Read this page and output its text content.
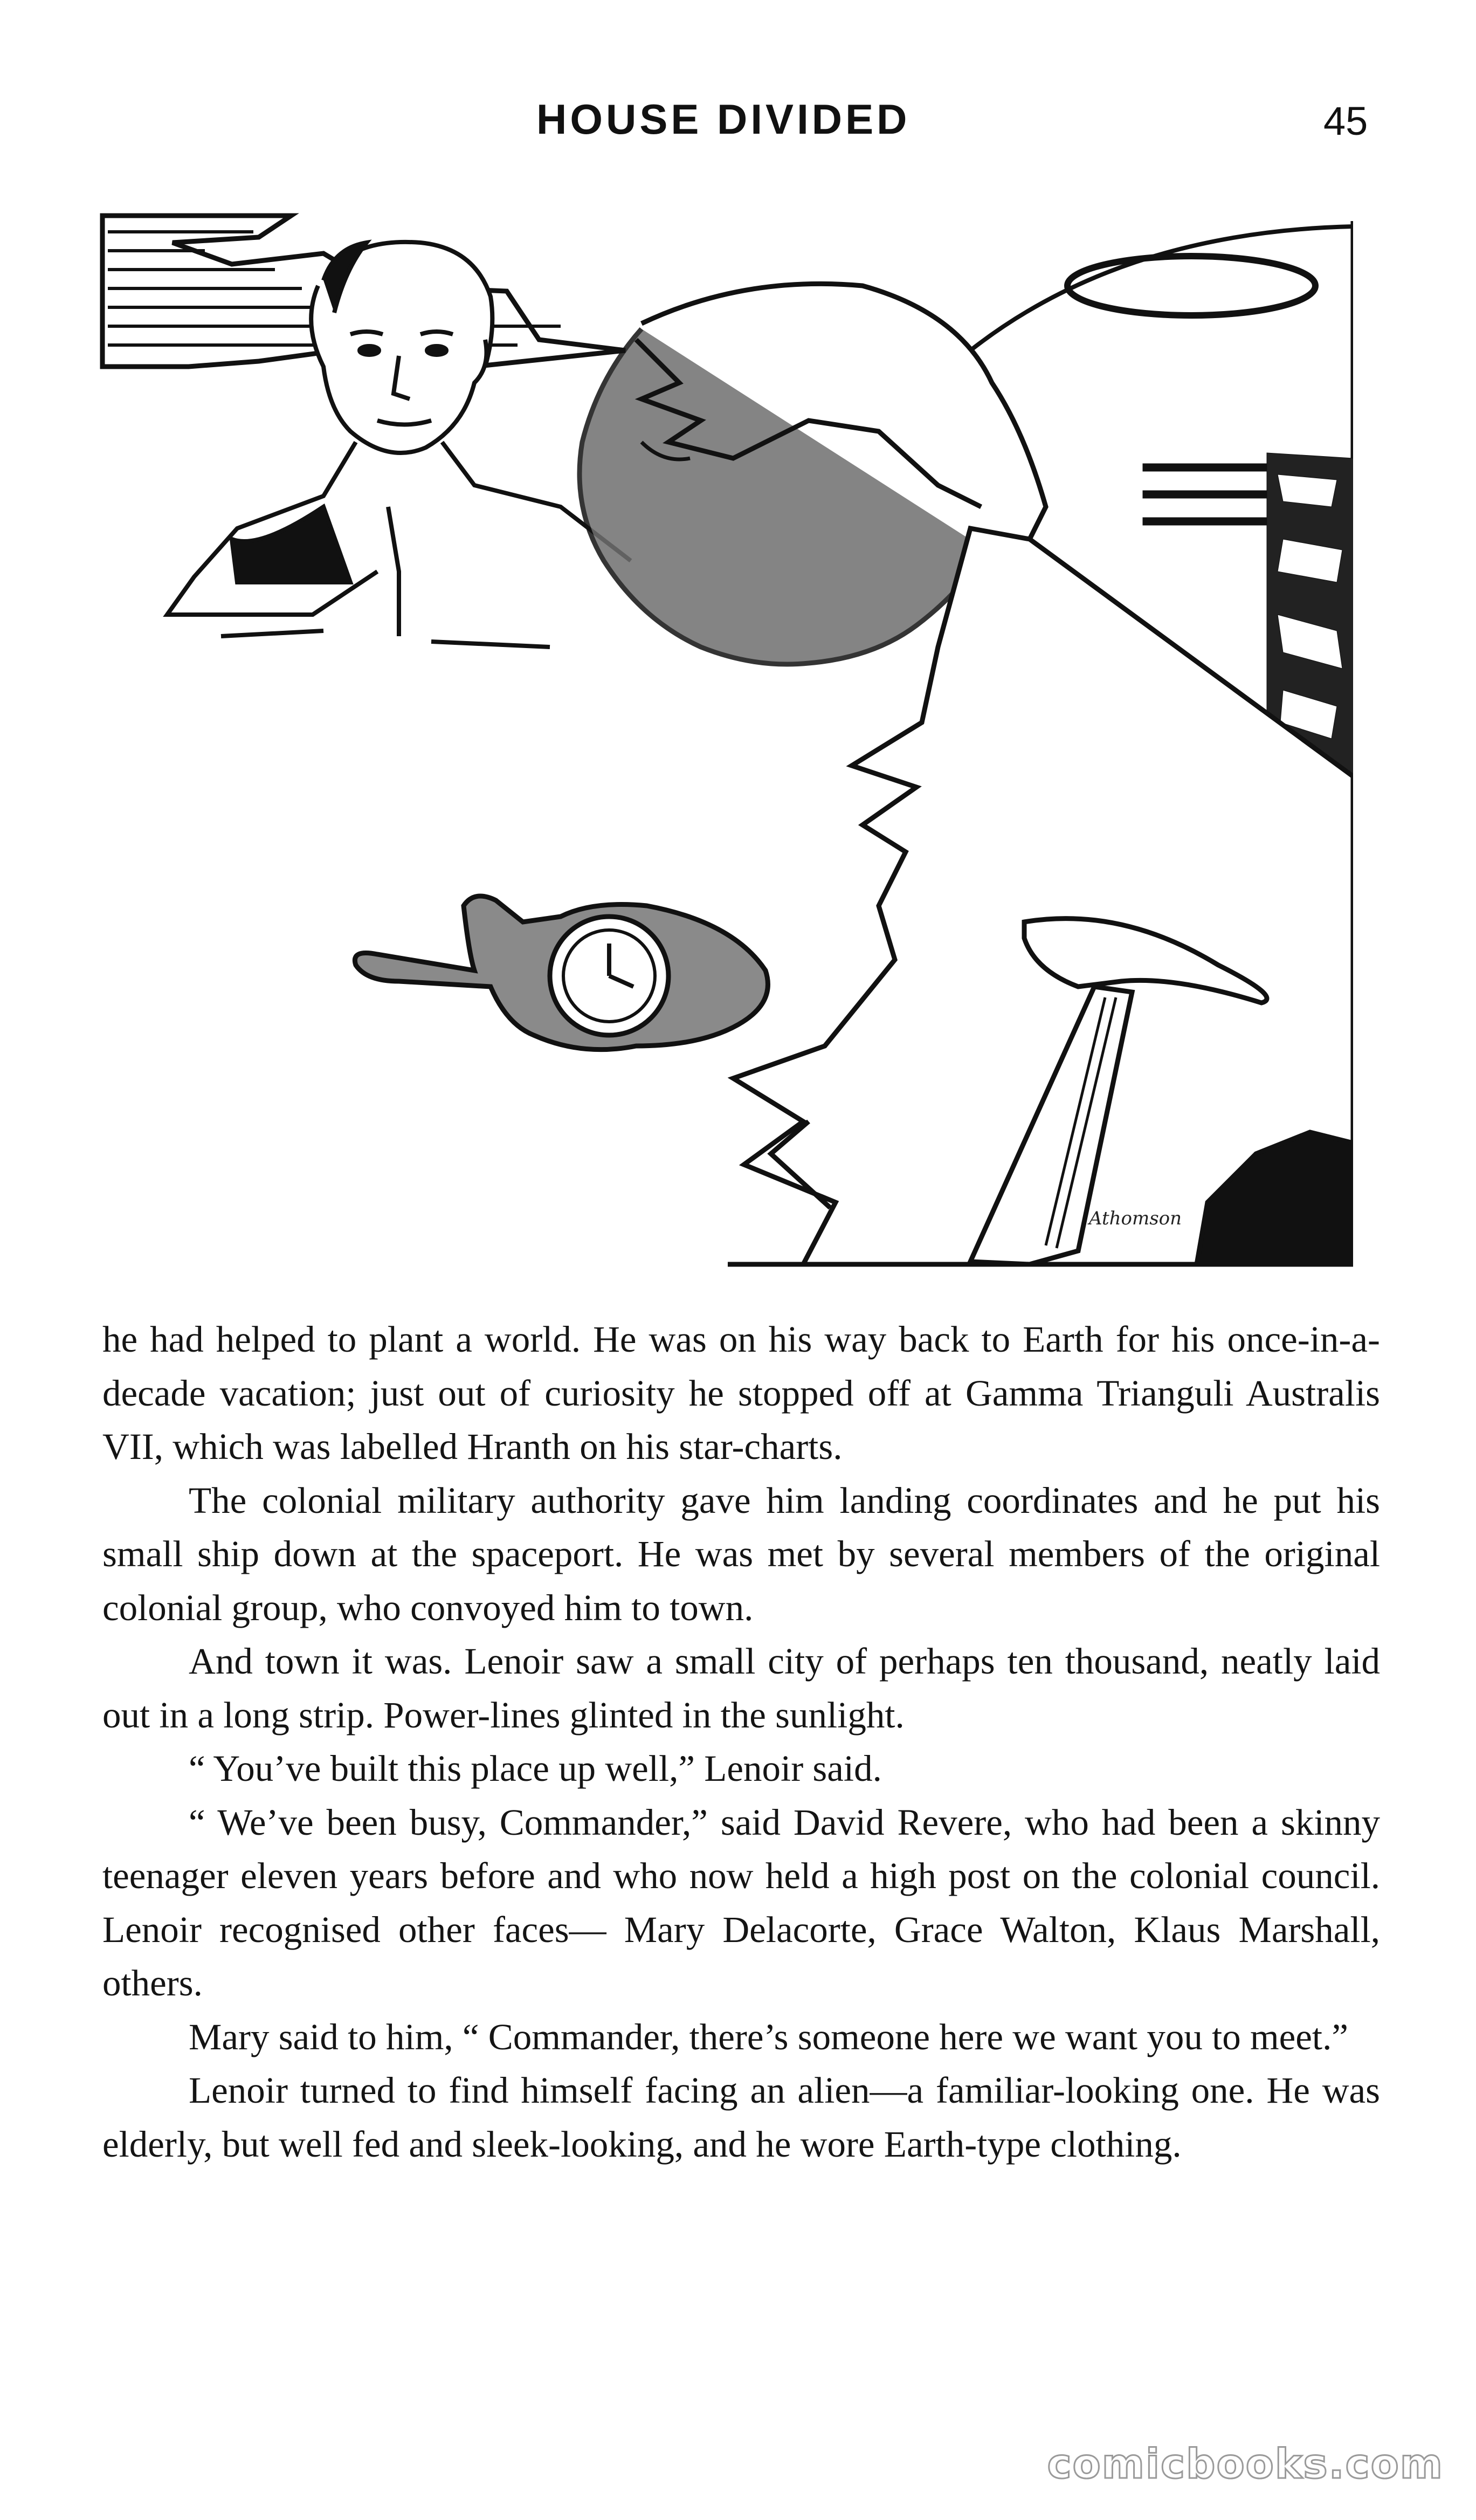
HOUSE DIVIDED	45
Athomson

he had helped to plant a world. He was on his way back to Earth for his once-in-a-decade vacation; just out of curiosity he stopped off at Gamma Trianguli Australis VII, which was labelled Hranth on his star-charts.

The colonial military authority gave him landing coordinates and he put his small ship down at the spaceport. He was met by several members of the original colonial group, who convoyed him to town.

And town it was. Lenoir saw a small city of perhaps ten thousand, neatly laid out in a long strip. Power-lines glinted in the sunlight.

“ You’ve built this place up well,” Lenoir said.

“ We’ve been busy, Commander,” said David Revere, who had been a skinny teenager eleven years before and who now held a high post on the colonial council. Lenoir recognised other faces— Mary Delacorte, Grace Walton, Klaus Marshall, others.

Mary said to him, “ Commander, there’s someone here we want you to meet.”

Lenoir turned to find himself facing an alien—a familiar-looking one. He was elderly, but well fed and sleek-looking, and he wore Earth-type clothing.

comicbooks.com
